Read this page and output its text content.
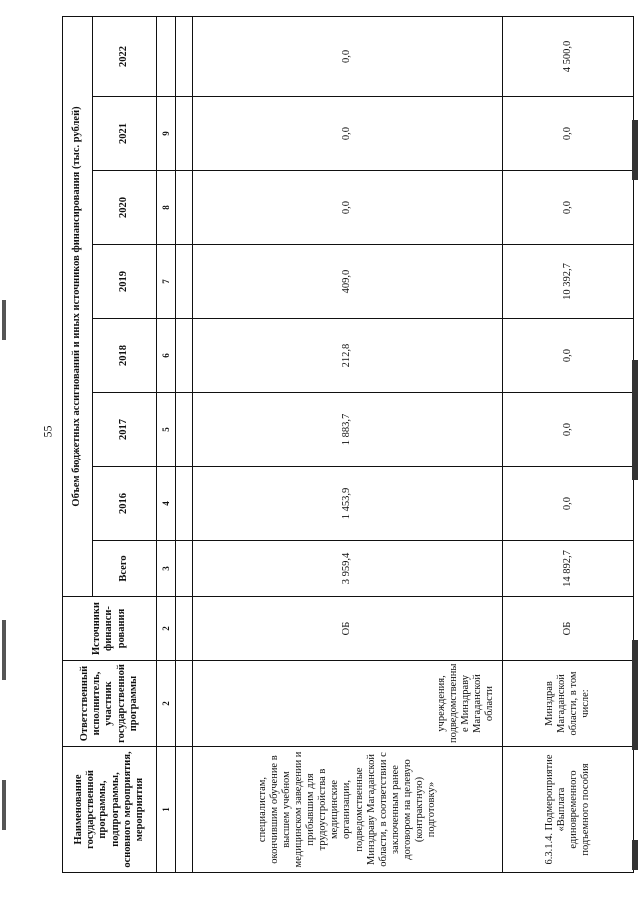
55
Наименование государственной программы, подпрограммы, основного мероприятия, мероприятия	Ответственный исполнитель, участник государственной программы	Источники финанси-рования	Объем бюджетных ассигнований и иных источников финансирования (тыс. рублей)							
			Всего	2016	2017	2018	2019	2020	2021	2022
1	2	2	3	4	5	6	7	8	9	

специалистам, окончившим обучение в высшем учебном медицинском заведении и прибывшим для трудоустройства в медицинские организации, подведомственные Минздраву Магаданской области, в соответствии с заключенным ранее договором на целевую (контрактную) подготовку»	учреждения, подведомственны е Минздраву Магаданской области	ОБ	3 959,4	1 453,9	1 883,7	212,8	409,0	0,0	0,0	0,0
6.3.1.4. Подмероприятие «Выплата единовременного подъемного пособия	Минздрав Магаданской области, в том числе:	ОБ	14 892,7	0,0	0,0	0,0	10 392,7	0,0	0,0	4 500,0
